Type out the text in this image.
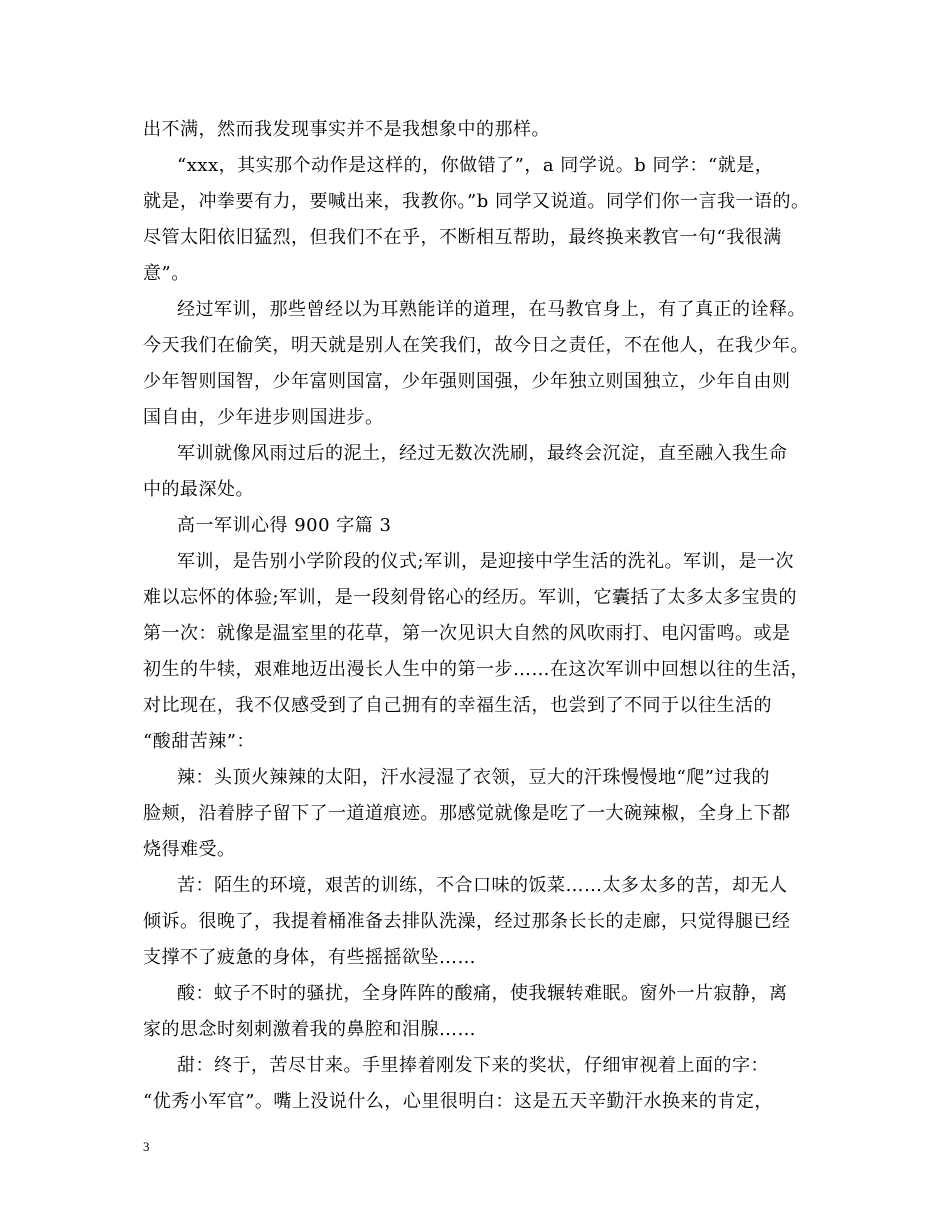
出不满，然而我发现事实并不是我想象中的那样。
“xxx，其实那个动作是这样的，你做错了”，a 同学说。b 同学：“就是，
就是，冲拳要有力，要喊出来，我教你。”b 同学又说道。同学们你一言我一语的。
尽管太阳依旧猛烈，但我们不在乎，不断相互帮助，最终换来教官一句“我很满
意”。
经过军训，那些曾经以为耳熟能详的道理，在马教官身上，有了真正的诠释。
今天我们在偷笑，明天就是别人在笑我们，故今日之责任，不在他人，在我少年。
少年智则国智，少年富则国富，少年强则国强，少年独立则国独立，少年自由则
国自由，少年进步则国进步。
军训就像风雨过后的泥土，经过无数次洗刷，最终会沉淀，直至融入我生命
中的最深处。
高一军训心得 900 字篇 3
军训，是告别小学阶段的仪式;军训，是迎接中学生活的洗礼。军训，是一次
难以忘怀的体验;军训，是一段刻骨铭心的经历。军训，它囊括了太多太多宝贵的
第一次：就像是温室里的花草，第一次见识大自然的风吹雨打、电闪雷鸣。或是
初生的牛犊，艰难地迈出漫长人生中的第一步……在这次军训中回想以往的生活，
对比现在，我不仅感受到了自己拥有的幸福生活，也尝到了不同于以往生活的
“酸甜苦辣”：
辣：头顶火辣辣的太阳，汗水浸湿了衣领，豆大的汗珠慢慢地“爬”过我的
脸颊，沿着脖子留下了一道道痕迹。那感觉就像是吃了一大碗辣椒，全身上下都
烧得难受。
苦：陌生的环境，艰苦的训练，不合口味的饭菜……太多太多的苦，却无人
倾诉。很晚了，我提着桶准备去排队洗澡，经过那条长长的走廊，只觉得腿已经
支撑不了疲惫的身体，有些摇摇欲坠……
酸：蚊子不时的骚扰，全身阵阵的酸痛，使我辗转难眠。窗外一片寂静，离
家的思念时刻刺激着我的鼻腔和泪腺……
甜：终于，苦尽甘来。手里捧着刚发下来的奖状，仔细审视着上面的字：
“优秀小军官”。嘴上没说什么，心里很明白：这是五天辛勤汗水换来的肯定，
3
